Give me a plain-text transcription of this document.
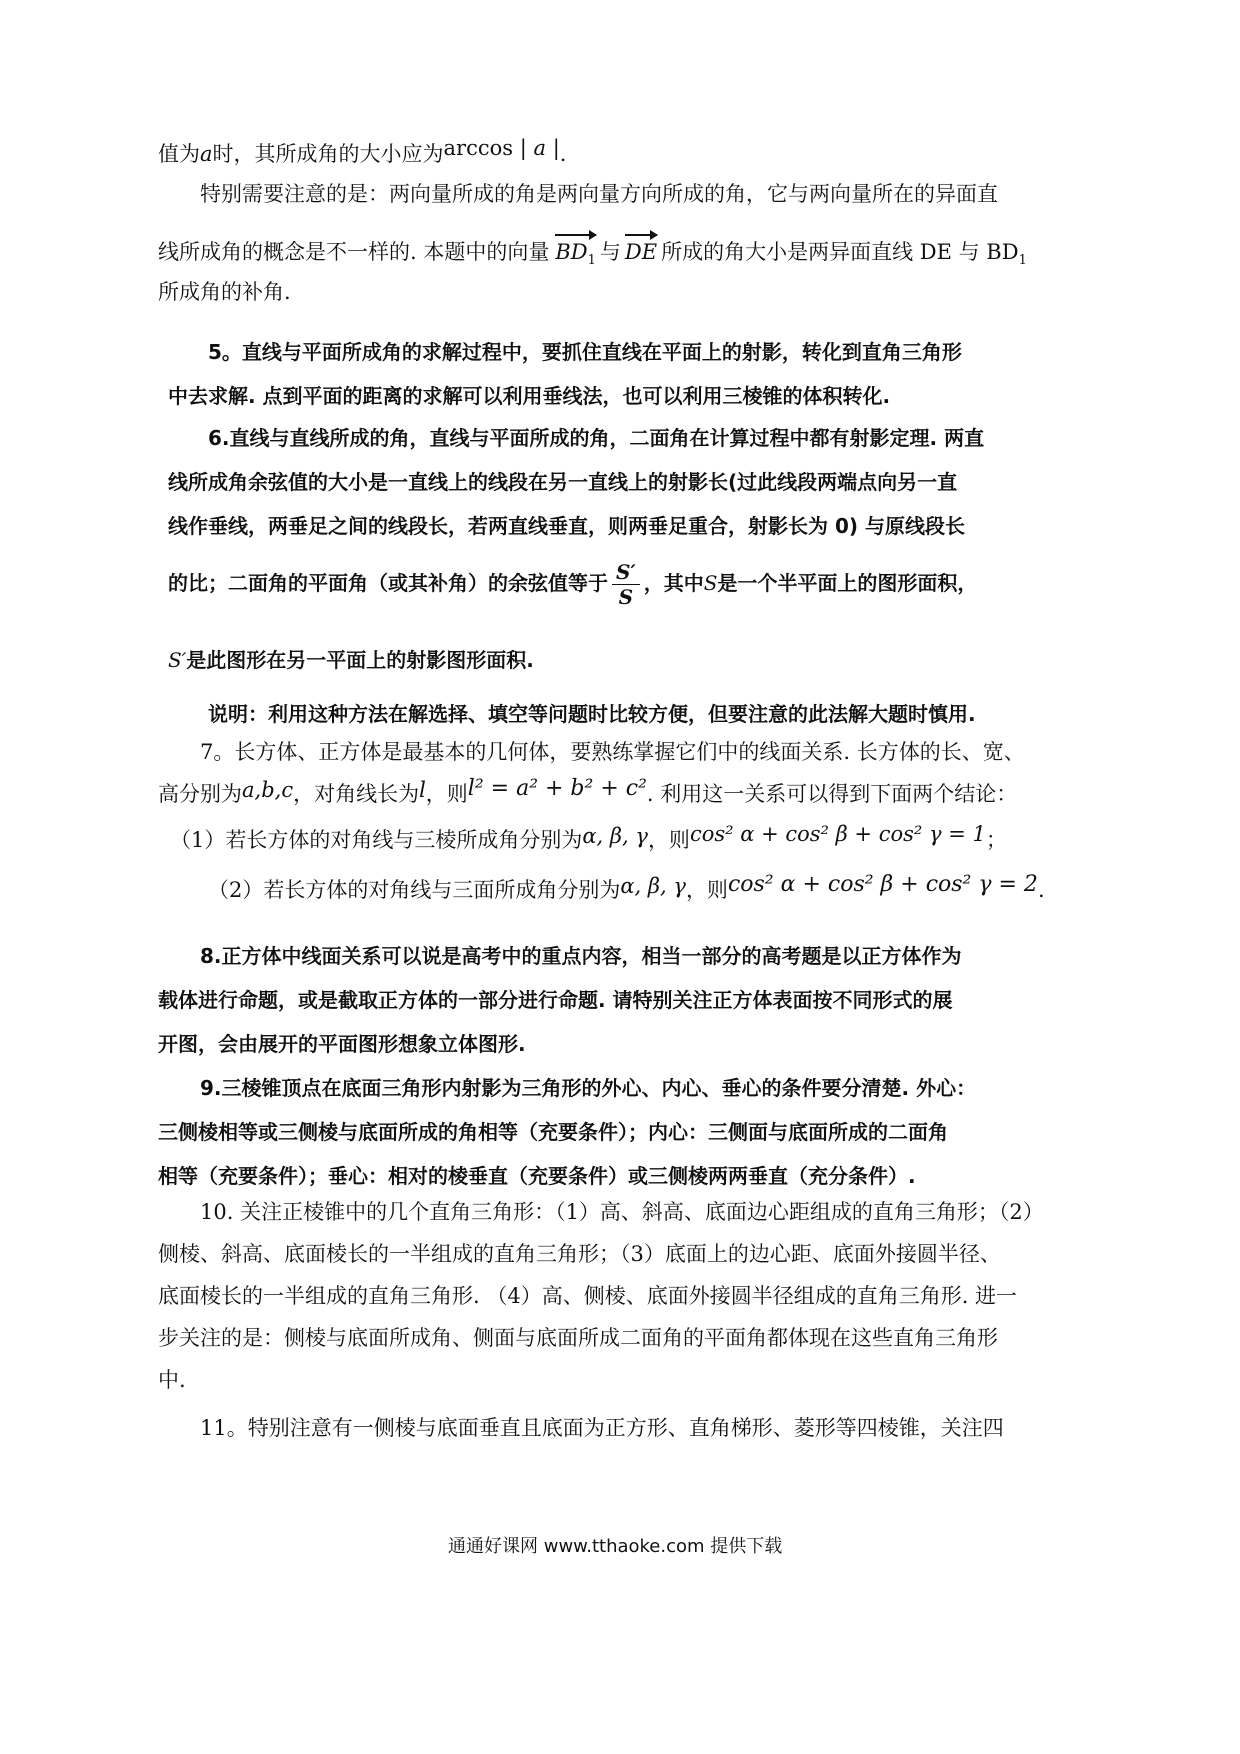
值为a时，其所成角的大小应为arccos | a |.
特别需要注意的是：两向量所成的角是两向量方向所成的角，它与两向量所在的异面直
线所成角的概念是不一样的. 本题中的向量 $BD_1$ 与 DE 所成的角大小是两异面直线 DE 与 $BD_1$
所成角的补角.
5。直线与平面所成角的求解过程中，要抓住直线在平面上的射影，转化到直角三角形
中去求解. 点到平面的距离的求解可以利用垂线法，也可以利用三棱锥的体积转化.
6.直线与直线所成的角，直线与平面所成的角，二面角在计算过程中都有射影定理. 两直
线所成角余弦值的大小是一直线上的线段在另一直线上的射影长(过此线段两端点向另一直
线作垂线，两垂足之间的线段长，若两直线垂直，则两垂足重合，射影长为 0) 与原线段长
的比；二面角的平面角（或其补角）的余弦值等于 $\frac{S'}{S}$ ，其中S是一个半平面上的图形面积，
S′是此图形在另一平面上的射影图形面积.
说明：利用这种方法在解选择、填空等问题时比较方便，但要注意的此法解大题时慎用.
7。长方体、正方体是最基本的几何体，要熟练掌握它们中的线面关系. 长方体的长、宽、
高分别为a,b,c，对角线长为l，则l² = a² + b² + c². 利用这一关系可以得到下面两个结论：
（1）若长方体的对角线与三棱所成角分别为α, β, γ，则cos² α + cos² β + cos² γ = 1；
（2）若长方体的对角线与三面所成角分别为α, β, γ，则cos² α + cos² β + cos² γ = 2.
8.正方体中线面关系可以说是高考中的重点内容，相当一部分的高考题是以正方体作为
载体进行命题，或是截取正方体的一部分进行命题. 请特别关注正方体表面按不同形式的展
开图，会由展开的平面图形想象立体图形.
9.三棱锥顶点在底面三角形内射影为三角形的外心、内心、垂心的条件要分清楚. 外心：
三侧棱相等或三侧棱与底面所成的角相等（充要条件）；内心：三侧面与底面所成的二面角
相等（充要条件）；垂心：相对的棱垂直（充要条件）或三侧棱两两垂直（充分条件）.
10. 关注正棱锥中的几个直角三角形：（1）高、斜高、底面边心距组成的直角三角形；（2）
侧棱、斜高、底面棱长的一半组成的直角三角形；（3）底面上的边心距、底面外接圆半径、
底面棱长的一半组成的直角三角形. （4）高、侧棱、底面外接圆半径组成的直角三角形. 进一
步关注的是：侧棱与底面所成角、侧面与底面所成二面角的平面角都体现在这些直角三角形
中.
11。特别注意有一侧棱与底面垂直且底面为正方形、直角梯形、菱形等四棱锥，关注四
通通好课网 www.tthaoke.com 提供下载
